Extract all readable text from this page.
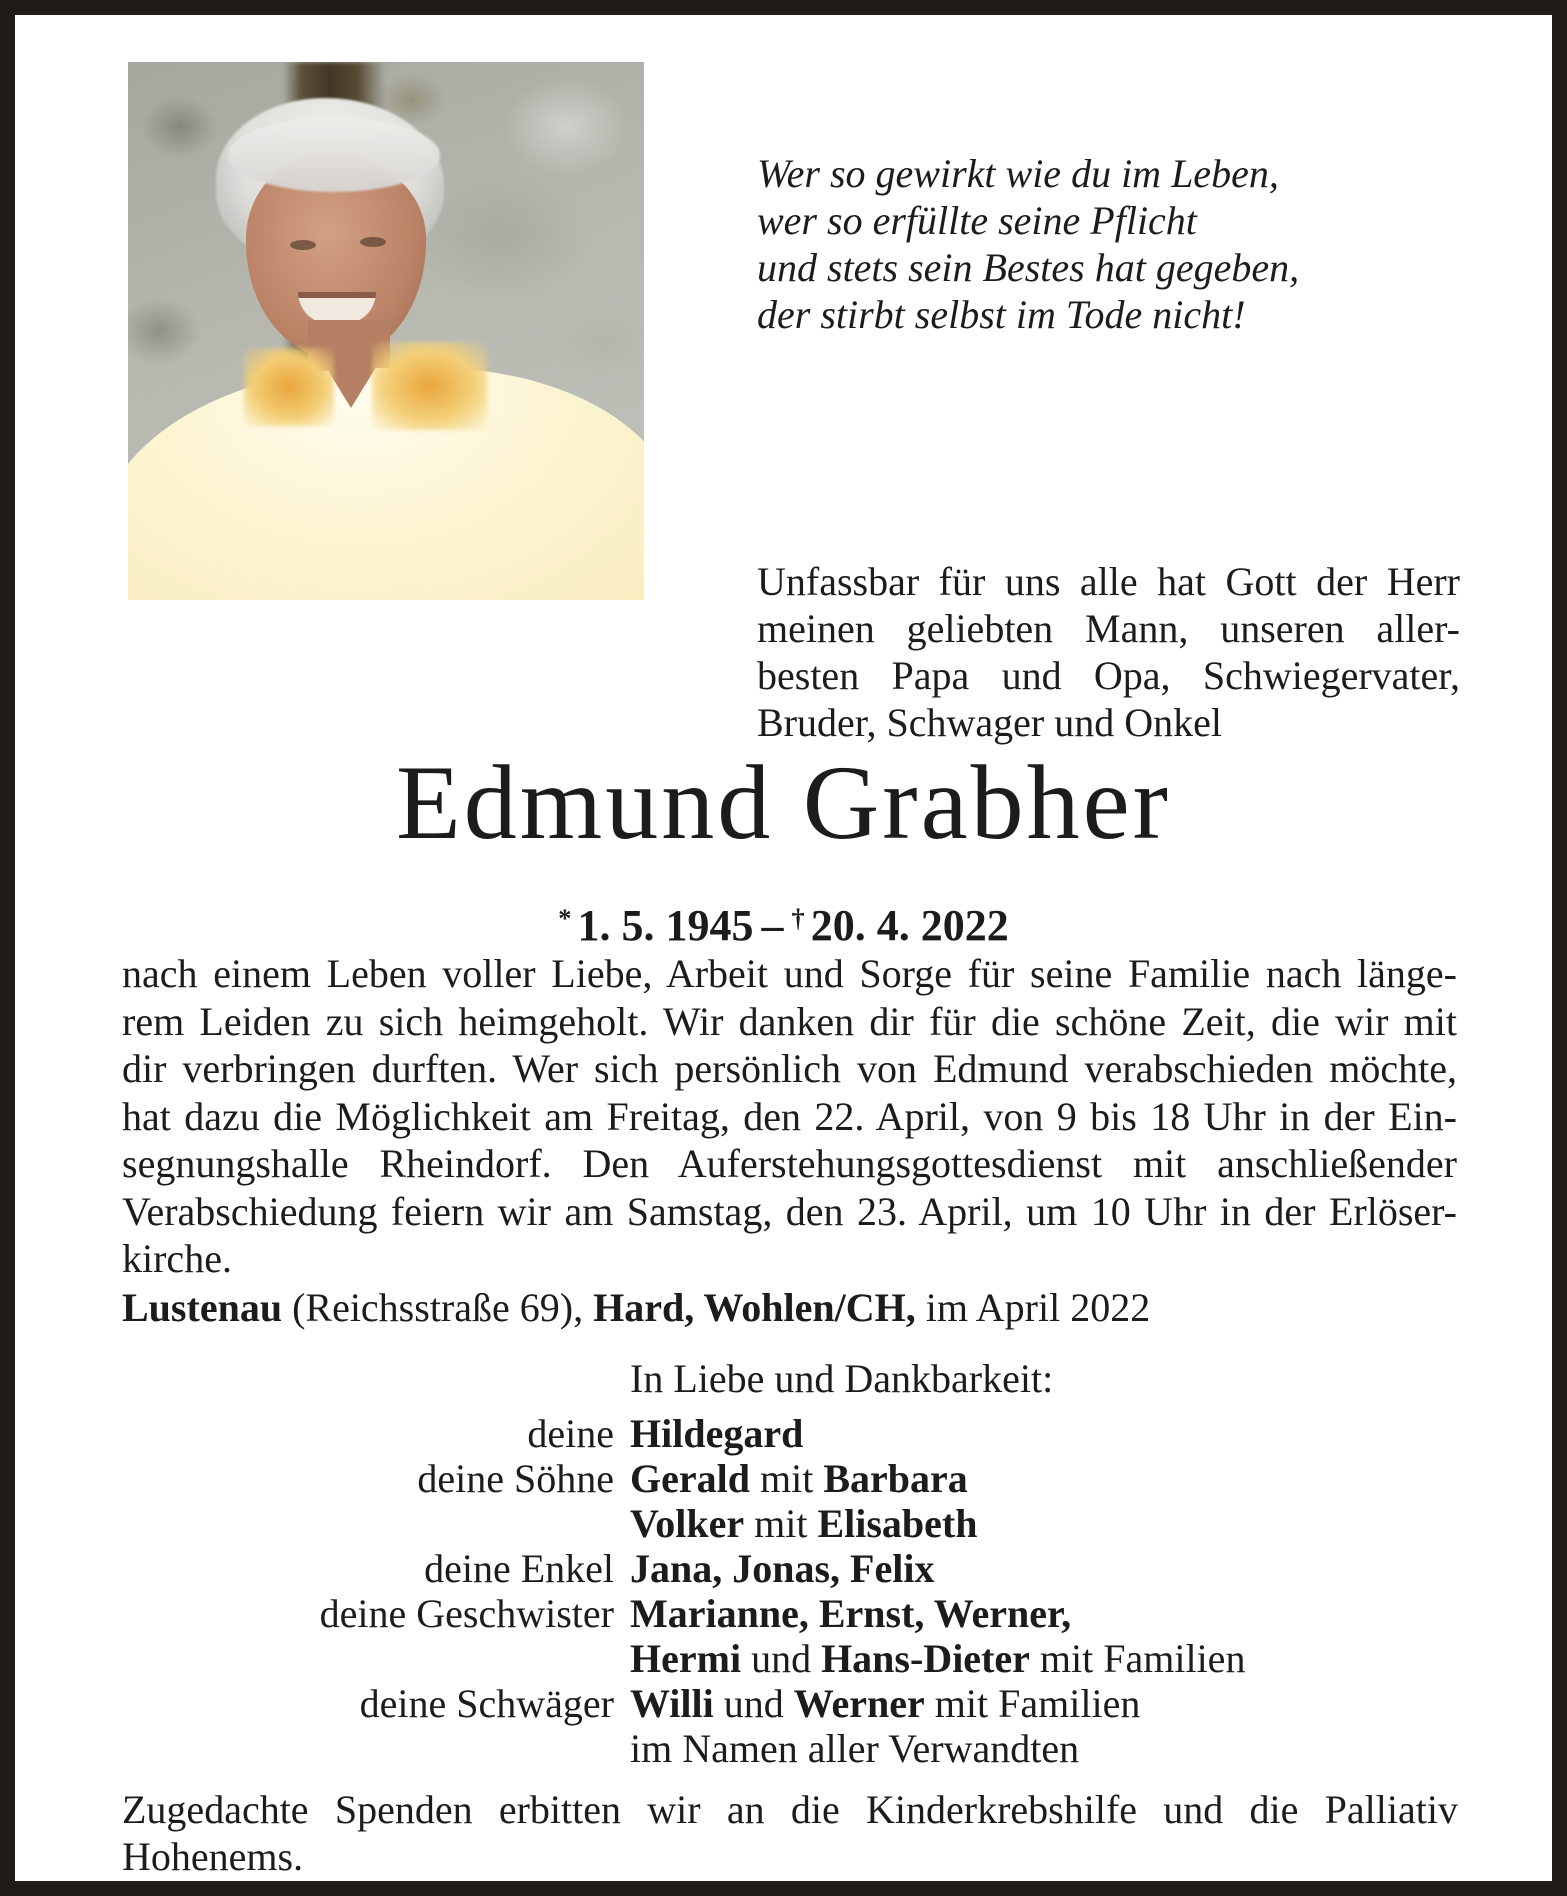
Wer so gewirkt wie du im Leben,
wer so erfüllte seine Pflicht
und stets sein Bestes hat gegeben,
der stirbt selbst im Tode nicht!
Unfassbar für uns alle hat Gott der Herr
meinen geliebten Mann, unseren aller-
besten Papa und Opa, Schwiegervater,
Bruder, Schwager und Onkel
Edmund Grabher
* 1. 5. 1945 – † 20. 4. 2022
nach einem Leben voller Liebe, Arbeit und Sorge für seine Familie nach länge-
rem Leiden zu sich heimgeholt. Wir danken dir für die schöne Zeit, die wir mit
dir verbringen durften. Wer sich persönlich von Edmund verabschieden möchte,
hat dazu die Möglichkeit am Freitag, den 22. April, von 9 bis 18 Uhr in der Ein-
segnungshalle Rheindorf. Den Auferstehungsgottesdienst mit anschließender
Verabschiedung feiern wir am Samstag, den 23. April, um 10 Uhr in der Erlöser-
kirche.
Lustenau (Reichsstraße 69), Hard, Wohlen/CH, im April 2022
In Liebe und Dankbarkeit:
deine Hildegard
deine Söhne Gerald mit Barbara
Volker mit Elisabeth
deine Enkel Jana, Jonas, Felix
deine Geschwister Marianne, Ernst, Werner,
Hermi und Hans-Dieter mit Familien
deine Schwäger Willi und Werner mit Familien
im Namen aller Verwandten
Zugedachte Spenden erbitten wir an die Kinderkrebshilfe und die Palliativ
Hohenems.
